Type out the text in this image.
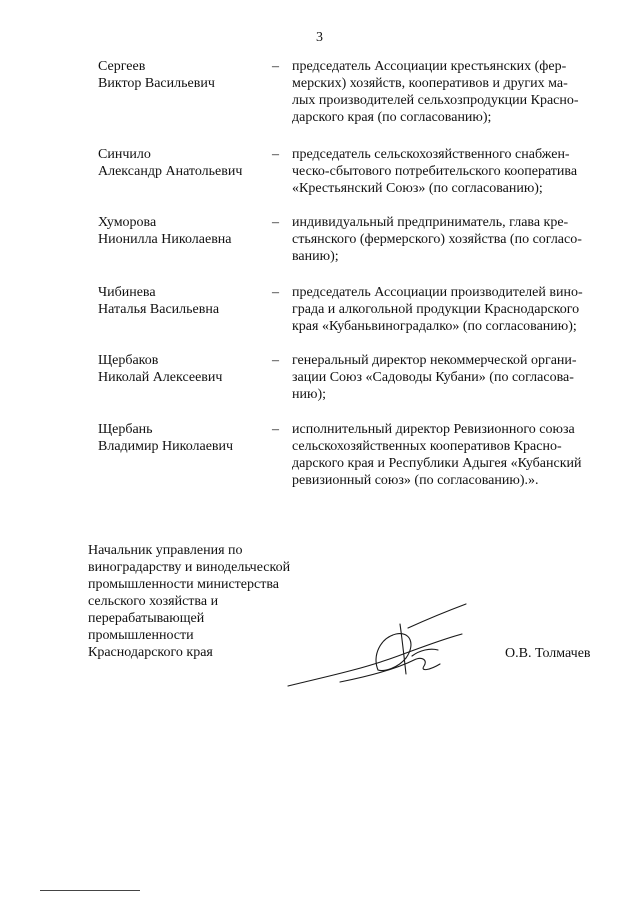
3
Сергеев
Виктор Васильевич
– председатель Ассоциации крестьянских (фер-
мерских) хозяйств, кооперативов и других ма-
лых производителей сельхозпродукции Красно-
дарского края (по согласованию);
Синчило
Александр Анатольевич
– председатель сельскохозяйственного снабжен-
ческо-сбытового потребительского кооператива
«Крестьянский Союз» (по согласованию);
Хуморова
Нионилла Николаевна
– индивидуальный предприниматель, глава кре-
стьянского (фермерского) хозяйства (по согласо-
ванию);
Чибинева
Наталья Васильевна
– председатель Ассоциации производителей вино-
града и алкогольной продукции Краснодарского
края «Кубаньвиноградалко» (по согласованию);
Щербаков
Николай Алексеевич
– генеральный директор некоммерческой органи-
зации Союз «Садоводы Кубани» (по согласова-
нию);
Щербань
Владимир Николаевич
– исполнительный директор Ревизионного союза
сельскохозяйственных кооперативов Красно-
дарского края и Республики Адыгея «Кубанский
ревизионный союз» (по согласованию).».
Начальник управления по
виноградарству и винодельческой
промышленности министерства
сельского хозяйства и
перерабатывающей
промышленности
Краснодарского края	О.В. Толмачев
